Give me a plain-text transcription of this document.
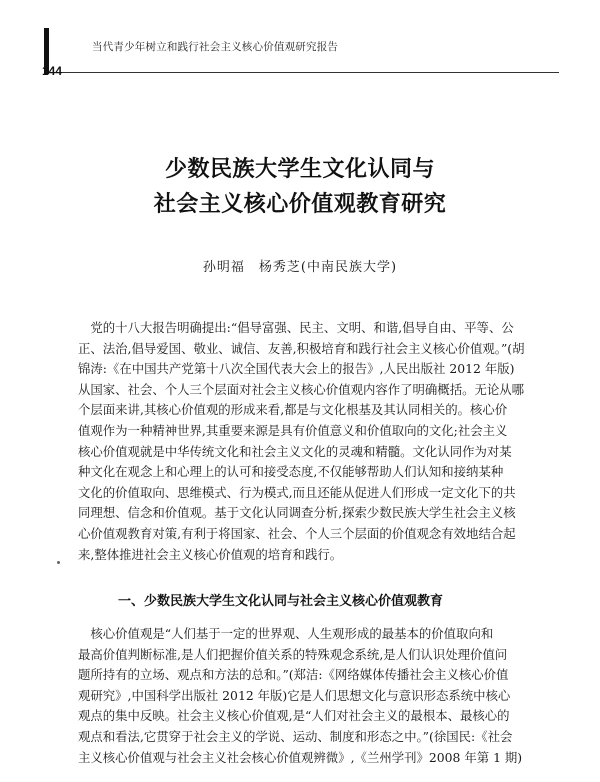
当代青少年树立和践行社会主义核心价值观研究报告
144
少数民族大学生文化认同与
社会主义核心价值观教育研究
孙明福　杨秀芝(中南民族大学)
　党的十八大报告明确提出:“倡导富强、民主、文明、和谐,倡导自由、平等、公
正、法治,倡导爱国、敬业、诚信、友善,积极培育和践行社会主义核心价值观。”(胡
锦涛:《在中国共产党第十八次全国代表大会上的报告》,人民出版社 2012 年版)
从国家、社会、个人三个层面对社会主义核心价值观内容作了明确概括。无论从哪
个层面来讲,其核心价值观的形成来看,都是与文化根基及其认同相关的。核心价
值观作为一种精神世界,其重要来源是具有价值意义和价值取向的文化;社会主义
核心价值观就是中华传统文化和社会主义文化的灵魂和精髓。文化认同作为对某
种文化在观念上和心理上的认可和接受态度,不仅能够帮助人们认知和接纳某种
文化的价值取向、思维模式、行为模式,而且还能从促进人们形成一定文化下的共
同理想、信念和价值观。基于文化认同调查分析,探索少数民族大学生社会主义核
心价值观教育对策,有利于将国家、社会、个人三个层面的价值观念有效地结合起
来,整体推进社会主义核心价值观的培育和践行。
一、少数民族大学生文化认同与社会主义核心价值观教育
　核心价值观是“人们基于一定的世界观、人生观形成的最基本的价值取向和
最高价值判断标准,是人们把握价值关系的特殊观念系统,是人们认识处理价值问
题所持有的立场、观点和方法的总和。”(郑洁:《网络媒体传播社会主义核心价值
观研究》,中国科学出版社 2012 年版)它是人们思想文化与意识形态系统中核心
观点的集中反映。社会主义核心价值观,是“人们对社会主义的最根本、最核心的
观点和看法,它贯穿于社会主义的学说、运动、制度和形态之中。”(徐国民:《社会
主义核心价值观与社会主义社会核心价值观辨微》,《兰州学刊》2008 年第 1 期)
